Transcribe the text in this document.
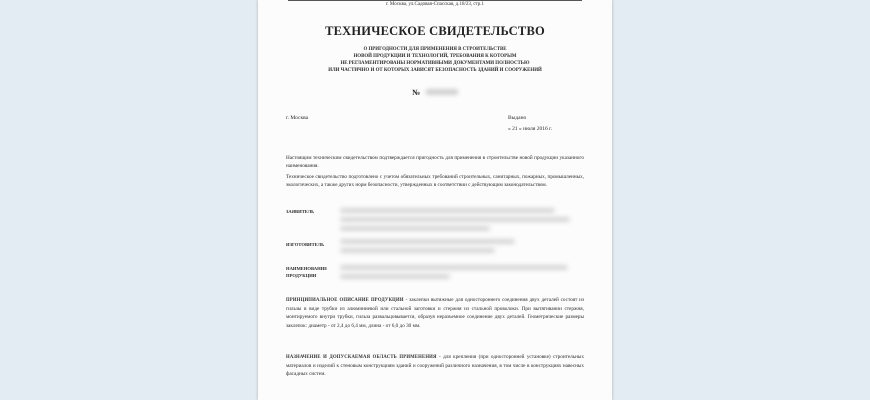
г. Москва, ул.Садовая-Спасская, д.18/23, стр.1
ТЕХНИЧЕСКОЕ СВИДЕТЕЛЬСТВО
О ПРИГОДНОСТИ ДЛЯ ПРИМЕНЕНИЯ В СТРОИТЕЛЬСТВЕ
НОВОЙ ПРОДУКЦИИ И ТЕХНОЛОГИЙ, ТРЕБОВАНИЯ К КОТОРЫМ
НЕ РЕГЛАМЕНТИРОВАНЫ НОРМАТИВНЫМИ ДОКУМЕНТАМИ ПОЛНОСТЬЮ
ИЛИ ЧАСТИЧНО И ОТ КОТОРЫХ ЗАВИСЯТ БЕЗОПАСНОСТЬ ЗДАНИЙ И СООРУЖЕНИЙ
№
г. Москва	Выдано
« 21 » июля 2016 г.
Настоящим техническим свидетельством подтверждается пригодность для применения в строительстве новой продукции указанного наименования.
Техническое свидетельство подготовлено с учетом обязательных требований строительных, санитарных, пожарных, промышленных, экологических, а также других норм безопасности, утвержденных в соответствии с действующим законодательством.
ЗАЯВИТЕЛЬ
ИЗГОТОВИТЕЛЬ
НАИМЕНОВАНИЕ
ПРОДУКЦИИ
ПРИНЦИПИАЛЬНОЕ ОПИСАНИЕ ПРОДУКЦИИ - заклепки вытяжные для одностороннего соединения двух деталей состоят из гильзы в виде трубки из алюминиевой или стальной заготовки и стержня из стальной проволоки. При вытягивании стержня, монтируемого внутри трубки, гильза развальцовывается, образуя неразъемное соединение двух деталей. Геометрические размеры заклепок: диаметр - от 2,4 до 6,4 мм, длина - от 6,0 до 30 мм.
НАЗНАЧЕНИЕ И ДОПУСКАЕМАЯ ОБЛАСТЬ ПРИМЕНЕНИЯ - для крепления (при односторонней установке) строительных материалов и изделий к стеновым конструкциям зданий и сооружений различного назначения, в том числе в конструкциях навесных фасадных систем.
